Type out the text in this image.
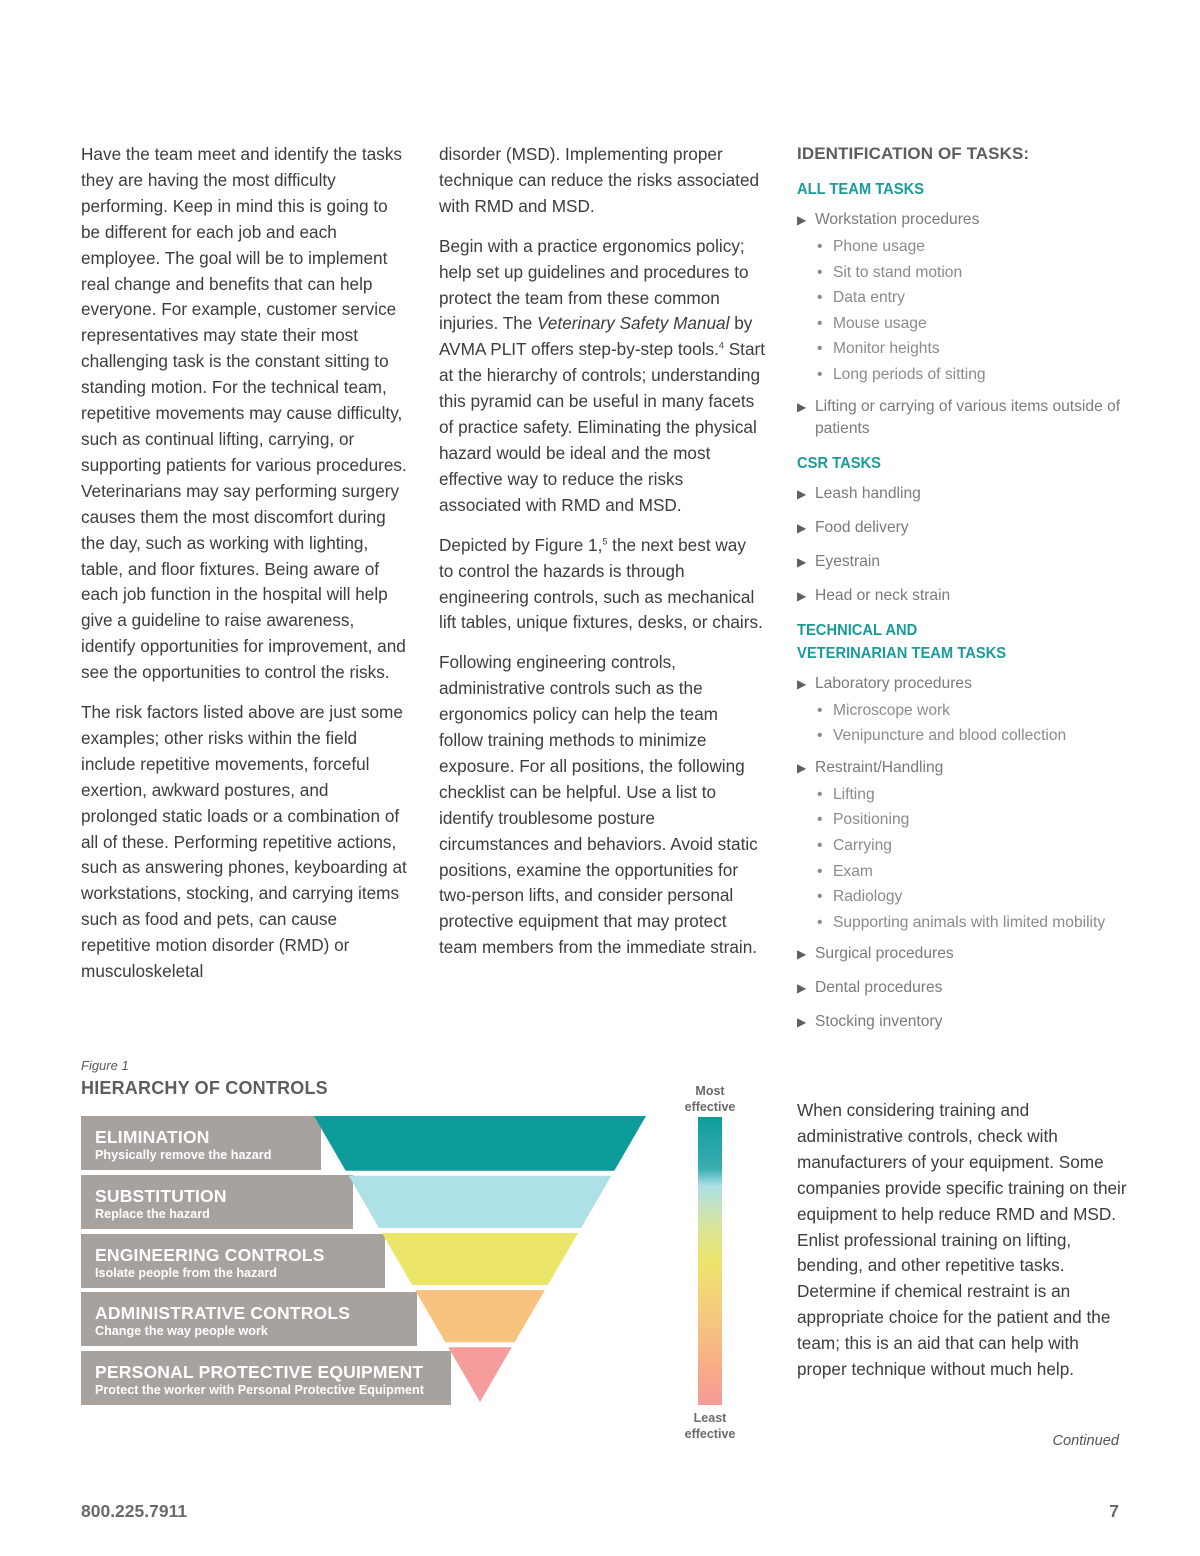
Have the team meet and identify the tasks they are having the most difficulty performing. Keep in mind this is going to be different for each job and each employee. The goal will be to implement real change and benefits that can help everyone. For example, customer service representatives may state their most challenging task is the constant sitting to standing motion. For the technical team, repetitive movements may cause difficulty, such as continual lifting, carrying, or supporting patients for various procedures. Veterinarians may say performing surgery causes them the most discomfort during the day, such as working with lighting, table, and floor fixtures. Being aware of each job function in the hospital will help give a guideline to raise awareness, identify opportunities for improvement, and see the opportunities to control the risks.

The risk factors listed above are just some examples; other risks within the field include repetitive movements, forceful exertion, awkward postures, and prolonged static loads or a combination of all of these. Performing repetitive actions, such as answering phones, keyboarding at workstations, stocking, and carrying items such as food and pets, can cause repetitive motion disorder (RMD) or musculoskeletal

disorder (MSD). Implementing proper technique can reduce the risks associated with RMD and MSD.

Begin with a practice ergonomics policy; help set up guidelines and procedures to protect the team from these common injuries. The Veterinary Safety Manual by AVMA PLIT offers step-by-step tools.$^4$ Start at the hierarchy of controls; understanding this pyramid can be useful in many facets of practice safety. Eliminating the physical hazard would be ideal and the most effective way to reduce the risks associated with RMD and MSD.

Depicted by Figure 1,$^5$ the next best way to control the hazards is through engineering controls, such as mechanical lift tables, unique fixtures, desks, or chairs.

Following engineering controls, administrative controls such as the ergonomics policy can help the team follow training methods to minimize exposure. For all positions, the following checklist can be helpful. Use a list to identify troublesome posture circumstances and behaviors. Avoid static positions, examine the opportunities for two-person lifts, and consider personal protective equipment that may protect team members from the immediate strain.

IDENTIFICATION OF TASKS:
ALL TEAM TASKS
▶ Workstation procedures
• Phone usage
• Sit to stand motion
• Data entry
• Mouse usage
• Monitor heights
• Long periods of sitting
▶ Lifting or carrying of various items outside of patients
CSR TASKS
▶ Leash handling
▶ Food delivery
▶ Eyestrain
▶ Head or neck strain
TECHNICAL AND
VETERINARIAN TEAM TASKS
▶ Laboratory procedures
• Microscope work
• Venipuncture and blood collection
▶ Restraint/Handling
• Lifting
• Positioning
• Carrying
• Exam
• Radiology
• Supporting animals with limited mobility
▶ Surgical procedures
▶ Dental procedures
▶ Stocking inventory
Figure 1
HIERARCHY OF CONTROLS
ELIMINATION
Physically remove the hazard
SUBSTITUTION
Replace the hazard
ENGINEERING CONTROLS
Isolate people from the hazard
ADMINISTRATIVE CONTROLS
Change the way people work
PERSONAL PROTECTIVE EQUIPMENT
Protect the worker with Personal Protective Equipment
Most
effective
Least
effective

When considering training and administrative controls, check with manufacturers of your equipment. Some companies provide specific training on their equipment to help reduce RMD and MSD. Enlist professional training on lifting, bending, and other repetitive tasks. Determine if chemical restraint is an appropriate choice for the patient and the team; this is an aid that can help with proper technique without much help.

Continued
800.225.7911	7
